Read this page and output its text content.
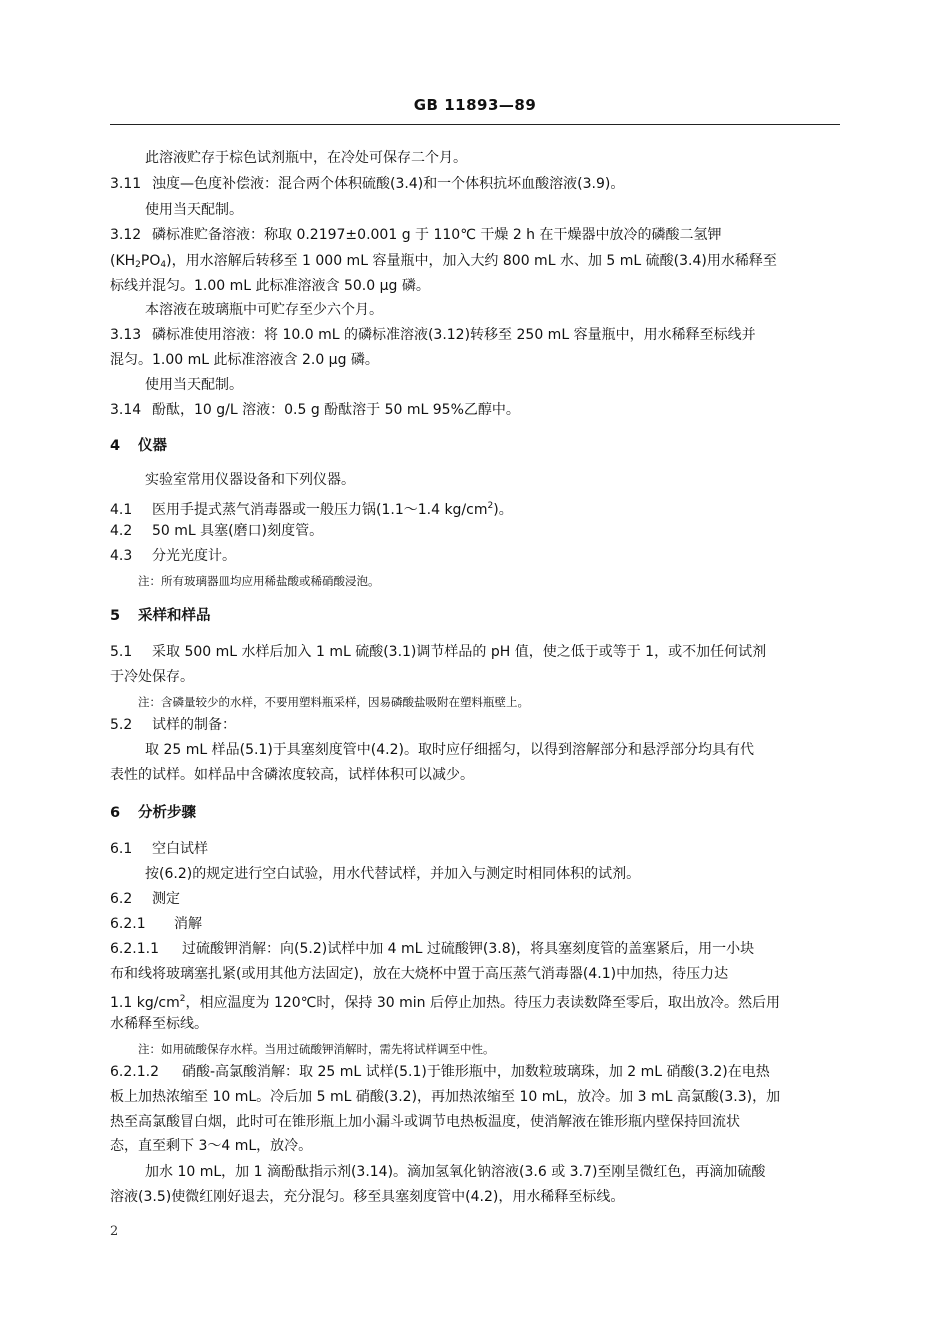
GB 11893—89
此溶液贮存于棕色试剂瓶中，在冷处可保存二个月。
3.11 浊度—色度补偿液：混合两个体积硫酸(3.4)和一个体积抗坏血酸溶液(3.9)。
使用当天配制。
3.12 磷标准贮备溶液：称取 0.2197±0.001 g 于 110℃ 干燥 2 h 在干燥器中放冷的磷酸二氢钾
$(KH_2PO_4)$，用水溶解后转移至 1 000 mL 容量瓶中，加入大约 800 mL 水、加 5 mL 硫酸(3.4)用水稀释至
标线并混匀。1.00 mL 此标准溶液含 50.0 μg 磷。
本溶液在玻璃瓶中可贮存至少六个月。
3.13 磷标准使用溶液：将 10.0 mL 的磷标准溶液(3.12)转移至 250 mL 容量瓶中，用水稀释至标线并
混匀。1.00 mL 此标准溶液含 2.0 μg 磷。
使用当天配制。
3.14 酚酞，10 g/L 溶液：0.5 g 酚酞溶于 50 mL 95%乙醇中。
4 仪器
实验室常用仪器设备和下列仪器。
4.1 医用手提式蒸气消毒器或一般压力锅(1.1～1.4 $kg/cm^2$)。
4.2 50 mL 具塞(磨口)刻度管。
4.3 分光光度计。
注：所有玻璃器皿均应用稀盐酸或稀硝酸浸泡。
5 采样和样品
5.1 采取 500 mL 水样后加入 1 mL 硫酸(3.1)调节样品的 pH 值，使之低于或等于 1，或不加任何试剂
于冷处保存。
注：含磷量较少的水样，不要用塑料瓶采样，因易磷酸盐吸附在塑料瓶壁上。
5.2 试样的制备：
取 25 mL 样品(5.1)于具塞刻度管中(4.2)。取时应仔细摇匀，以得到溶解部分和悬浮部分均具有代
表性的试样。如样品中含磷浓度较高，试样体积可以减少。
6 分析步骤
6.1 空白试样
按(6.2)的规定进行空白试验，用水代替试样，并加入与测定时相同体积的试剂。
6.2 测定
6.2.1 消解
6.2.1.1 过硫酸钾消解：向(5.2)试样中加 4 mL 过硫酸钾(3.8)，将具塞刻度管的盖塞紧后，用一小块
布和线将玻璃塞扎紧(或用其他方法固定)，放在大烧杯中置于高压蒸气消毒器(4.1)中加热，待压力达
1.1 $kg/cm^2$，相应温度为 120℃时，保持 30 min 后停止加热。待压力表读数降至零后，取出放冷。然后用
水稀释至标线。
注：如用硫酸保存水样。当用过硫酸钾消解时，需先将试样调至中性。
6.2.1.2 硝酸-高氯酸消解：取 25 mL 试样(5.1)于锥形瓶中，加数粒玻璃珠，加 2 mL 硝酸(3.2)在电热
板上加热浓缩至 10 mL。冷后加 5 mL 硝酸(3.2)，再加热浓缩至 10 mL，放冷。加 3 mL 高氯酸(3.3)，加
热至高氯酸冒白烟，此时可在锥形瓶上加小漏斗或调节电热板温度，使消解液在锥形瓶内壁保持回流状
态，直至剩下 3～4 mL，放冷。
加水 10 mL，加 1 滴酚酞指示剂(3.14)。滴加氢氧化钠溶液(3.6 或 3.7)至刚呈微红色，再滴加硫酸
溶液(3.5)使微红刚好退去，充分混匀。移至具塞刻度管中(4.2)，用水稀释至标线。
2
